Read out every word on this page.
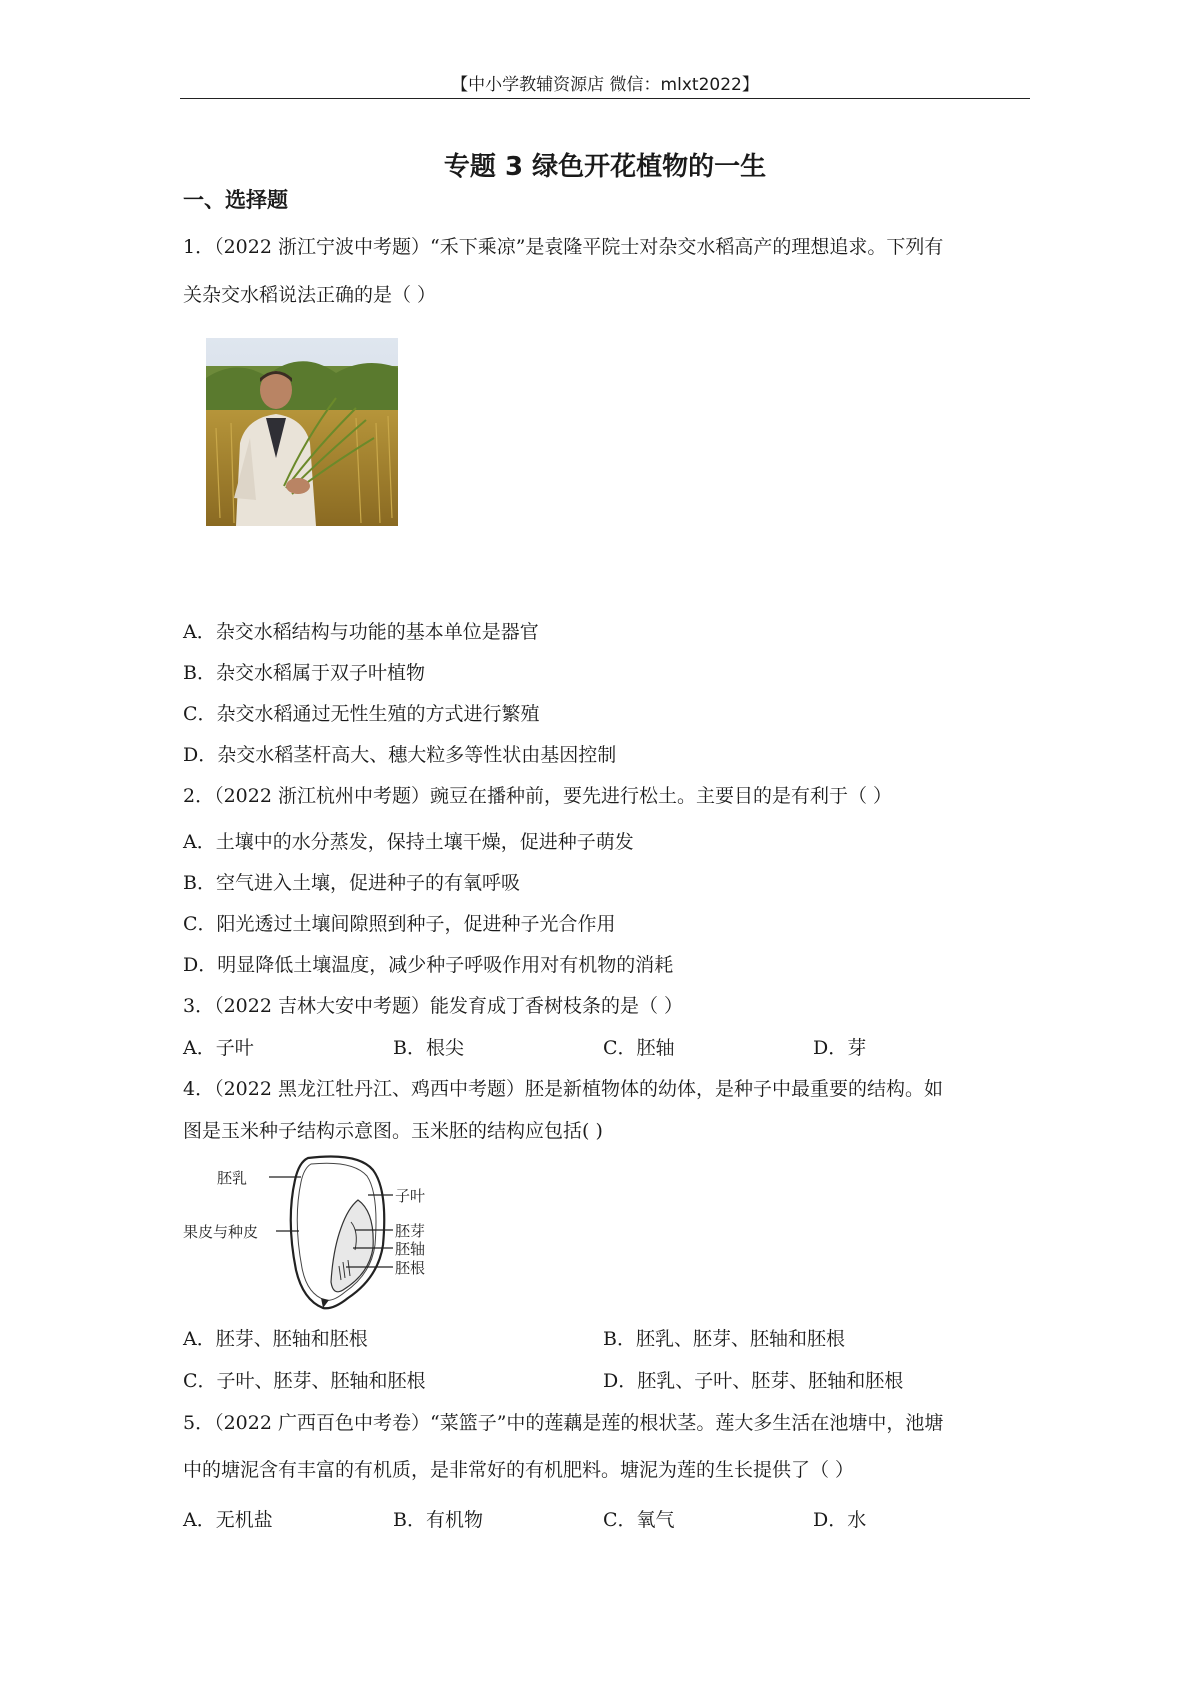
【中小学教辅资源店 微信：mlxt2022】
专题 3 绿色开花植物的一生
一、选择题
1．（2022 浙江宁波中考题）“禾下乘凉”是袁隆平院士对杂交水稻高产的理想追求。下列有
关杂交水稻说法正确的是（ ）
A．杂交水稻结构与功能的基本单位是器官
B．杂交水稻属于双子叶植物
C．杂交水稻通过无性生殖的方式进行繁殖
D．杂交水稻茎杆高大、穗大粒多等性状由基因控制
2．（2022 浙江杭州中考题）豌豆在播种前，要先进行松土。主要目的是有利于（ ）
A．土壤中的水分蒸发，保持土壤干燥，促进种子萌发
B．空气进入土壤，促进种子的有氧呼吸
C．阳光透过土壤间隙照到种子，促进种子光合作用
D．明显降低土壤温度，减少种子呼吸作用对有机物的消耗
3．（2022 吉林大安中考题）能发育成丁香树枝条的是（ ）
A．子叶	B．根尖	C．胚轴	D．芽
4．（2022 黑龙江牡丹江、鸡西中考题）胚是新植物体的幼体，是种子中最重要的结构。如
图是玉米种子结构示意图。玉米胚的结构应包括( )
胚乳
果皮与种皮
子叶
胚芽
胚轴
胚根
A．胚芽、胚轴和胚根	B．胚乳、胚芽、胚轴和胚根
C．子叶、胚芽、胚轴和胚根	D．胚乳、子叶、胚芽、胚轴和胚根
5．（2022 广西百色中考卷）“菜篮子”中的莲藕是莲的根状茎。莲大多生活在池塘中，池塘
中的塘泥含有丰富的有机质，是非常好的有机肥料。塘泥为莲的生长提供了（ ）
A．无机盐	B．有机物	C．氧气	D．水
